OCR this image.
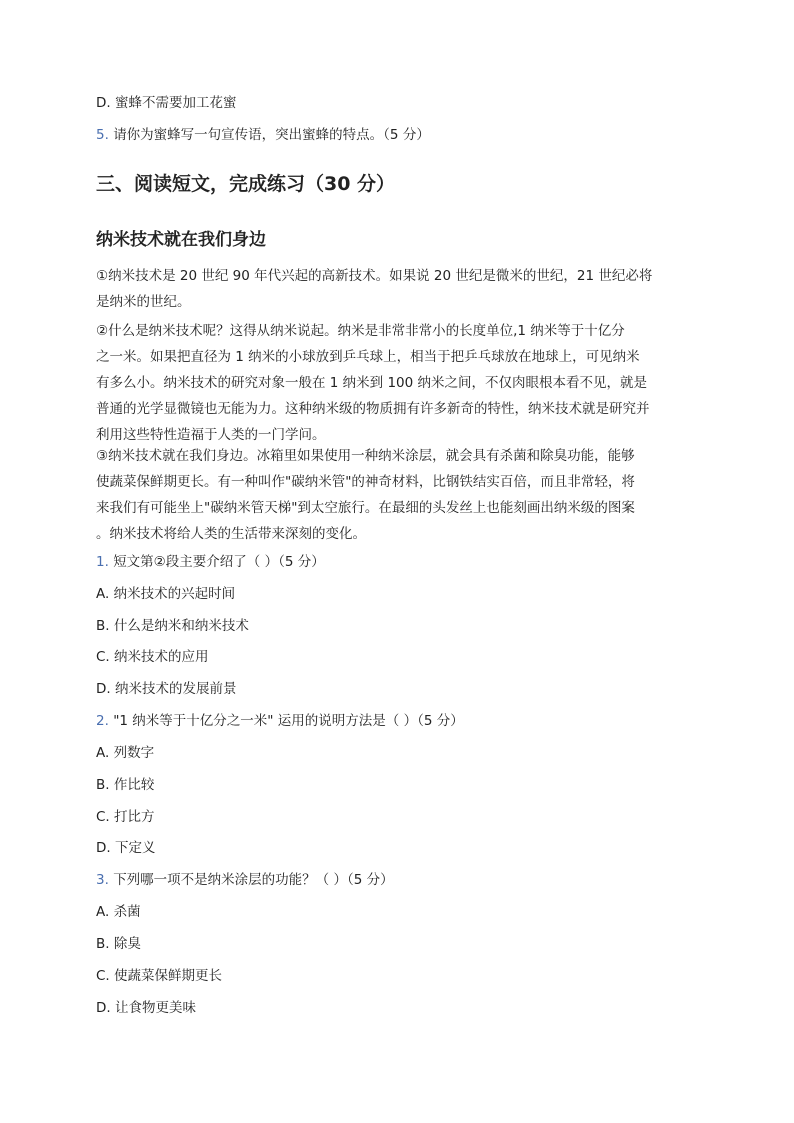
D. 蜜蜂不需要加工花蜜
5. 请你为蜜蜂写一句宣传语，突出蜜蜂的特点。（5 分）
三、阅读短文，完成练习（30 分）
纳米技术就在我们身边
①纳米技术是 20 世纪 90 年代兴起的高新技术。如果说 20 世纪是微米的世纪，21 世纪必将
是纳米的世纪。
②什么是纳米技术呢？这得从纳米说起。纳米是非常非常小的长度单位,1 纳米等于十亿分
之一米。如果把直径为 1 纳米的小球放到乒乓球上，相当于把乒乓球放在地球上，可见纳米
有多么小。纳米技术的研究对象一般在 1 纳米到 100 纳米之间，不仅肉眼根本看不见，就是
普通的光学显微镜也无能为力。这种纳米级的物质拥有许多新奇的特性，纳米技术就是研究并
利用这些特性造福于人类的一门学问。
③纳米技术就在我们身边。冰箱里如果使用一种纳米涂层，就会具有杀菌和除臭功能，能够
使蔬菜保鲜期更长。有一种叫作"碳纳米管"的神奇材料，比钢铁结实百倍，而且非常轻，将
来我们有可能坐上"碳纳米管天梯"到太空旅行。在最细的头发丝上也能刻画出纳米级的图案
。纳米技术将给人类的生活带来深刻的变化。
1. 短文第②段主要介绍了（ ）（5 分）
A. 纳米技术的兴起时间
B. 什么是纳米和纳米技术
C. 纳米技术的应用
D. 纳米技术的发展前景
2. "1 纳米等于十亿分之一米" 运用的说明方法是（ ）（5 分）
A. 列数字
B. 作比较
C. 打比方
D. 下定义
3. 下列哪一项不是纳米涂层的功能？（ ）（5 分）
A. 杀菌
B. 除臭
C. 使蔬菜保鲜期更长
D. 让食物更美味
